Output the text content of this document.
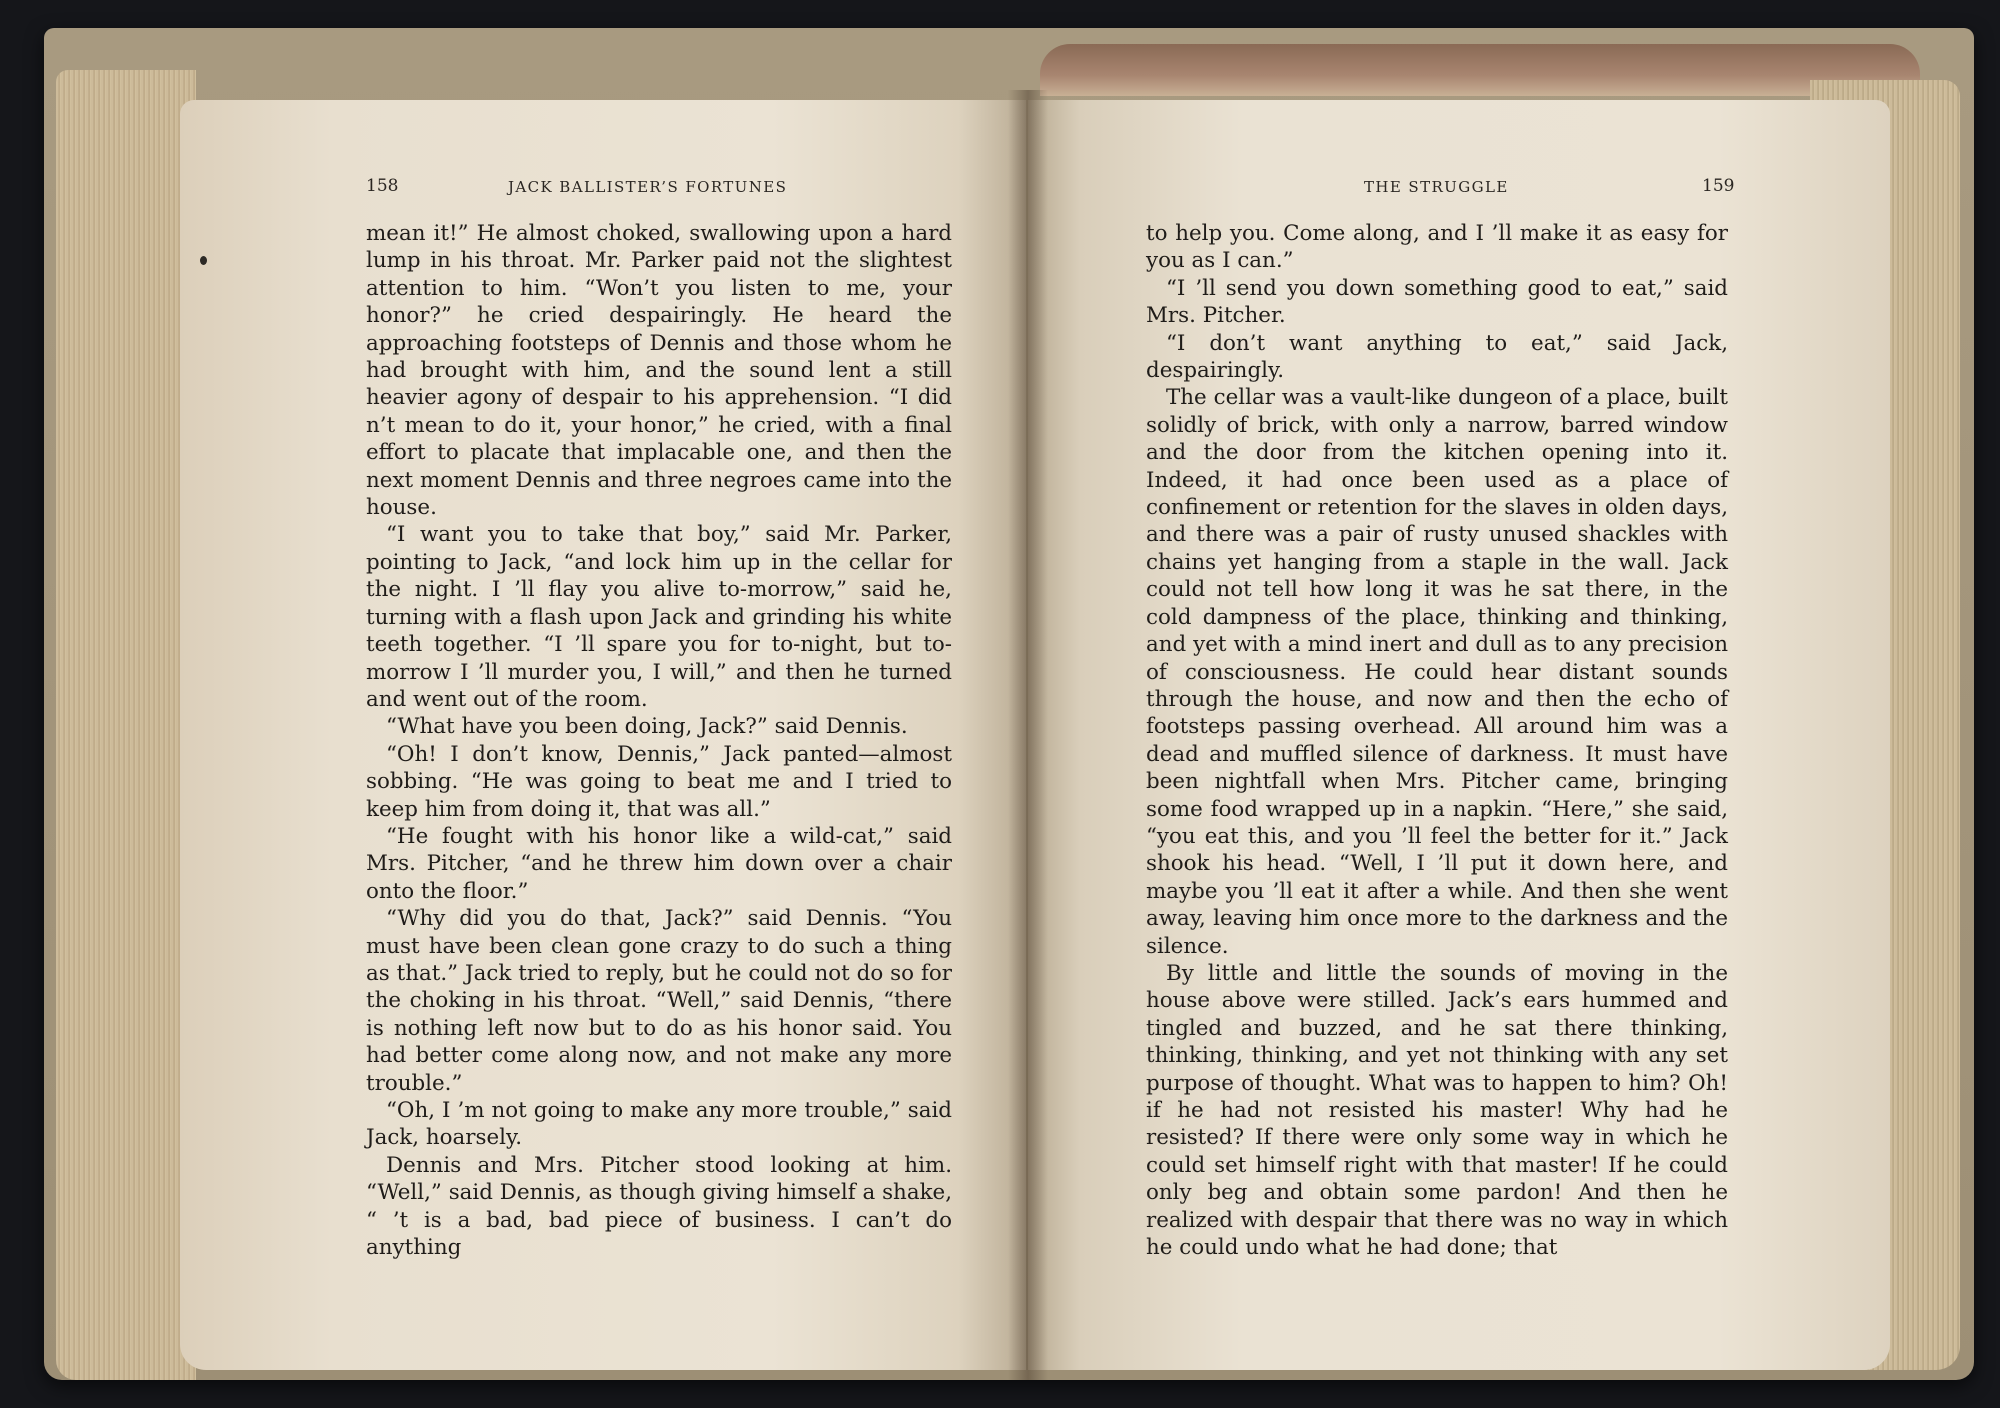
158	JACK BALLISTER’S FORTUNES	THE STRUGGLE	159

mean it!” He almost choked, swallowing upon a hard lump in his throat. Mr. Parker paid not the slightest attention to him. “Won’t you listen to me, your honor?” he cried despairingly. He heard the approaching footsteps of Dennis and those whom he had brought with him, and the sound lent a still heavier agony of despair to his apprehension. “I did n’t mean to do it, your honor,” he cried, with a final effort to placate that implacable one, and then the next moment Dennis and three negroes came into the house.

“I want you to take that boy,” said Mr. Parker, pointing to Jack, “and lock him up in the cellar for the night. I ’ll flay you alive to-morrow,” said he, turning with a flash upon Jack and grinding his white teeth together. “I ’ll spare you for to-night, but to-morrow I ’ll murder you, I will,” and then he turned and went out of the room.

“What have you been doing, Jack?” said Dennis.

“Oh! I don’t know, Dennis,” Jack panted—almost sobbing. “He was going to beat me and I tried to keep him from doing it, that was all.”

“He fought with his honor like a wild-cat,” said Mrs. Pitcher, “and he threw him down over a chair onto the floor.”

“Why did you do that, Jack?” said Dennis. “You must have been clean gone crazy to do such a thing as that.” Jack tried to reply, but he could not do so for the choking in his throat. “Well,” said Dennis, “there is nothing left now but to do as his honor said. You had better come along now, and not make any more trouble.”

“Oh, I ’m not going to make any more trouble,” said Jack, hoarsely.

Dennis and Mrs. Pitcher stood looking at him. “Well,” said Dennis, as though giving himself a shake, “ ’t is a bad, bad piece of business. I can’t do anything

to help you. Come along, and I ’ll make it as easy for you as I can.”

“I ’ll send you down something good to eat,” said Mrs. Pitcher.

“I don’t want anything to eat,” said Jack, despairingly.

The cellar was a vault-like dungeon of a place, built solidly of brick, with only a narrow, barred window and the door from the kitchen opening into it. Indeed, it had once been used as a place of confinement or retention for the slaves in olden days, and there was a pair of rusty unused shackles with chains yet hanging from a staple in the wall. Jack could not tell how long it was he sat there, in the cold dampness of the place, thinking and thinking, and yet with a mind inert and dull as to any precision of consciousness. He could hear distant sounds through the house, and now and then the echo of footsteps passing overhead. All around him was a dead and muffled silence of darkness. It must have been nightfall when Mrs. Pitcher came, bringing some food wrapped up in a napkin. “Here,” she said, “you eat this, and you ’ll feel the better for it.” Jack shook his head. “Well, I ’ll put it down here, and maybe you ’ll eat it after a while. And then she went away, leaving him once more to the darkness and the silence.

By little and little the sounds of moving in the house above were stilled. Jack’s ears hummed and tingled and buzzed, and he sat there thinking, thinking, thinking, and yet not thinking with any set purpose of thought. What was to happen to him? Oh! if he had not resisted his master! Why had he resisted? If there were only some way in which he could set himself right with that master! If he could only beg and obtain some pardon! And then he realized with despair that there was no way in which he could undo what he had done; that
